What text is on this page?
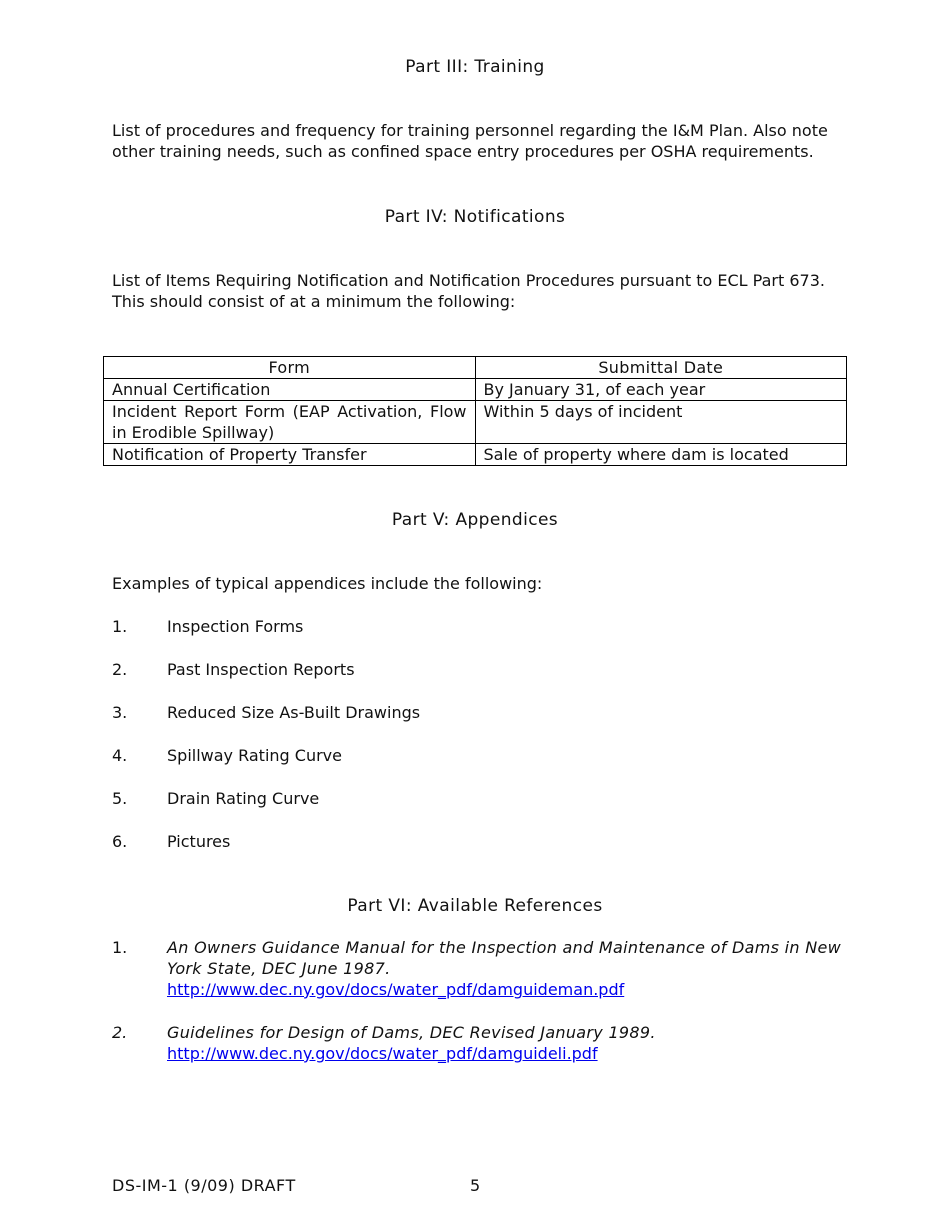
Part III: Training

List of procedures and frequency for training personnel regarding the I&M Plan. Also note other training needs, such as confined space entry procedures per OSHA requirements.

Part IV: Notifications

List of Items Requiring Notification and Notification Procedures pursuant to ECL Part 673. This should consist of at a minimum the following:

Form	Submittal Date
Annual Certification	By January 31, of each year
Incident Report Form (EAP Activation, Flow in Erodible Spillway)	Within 5 days of incident
Notification of Property Transfer	Sale of property where dam is located
Part V: Appendices

Examples of typical appendices include the following:

1. Inspection Forms
2. Past Inspection Reports
3. Reduced Size As-Built Drawings
4. Spillway Rating Curve
5. Drain Rating Curve
6. Pictures
Part VI: Available References
1. An Owners Guidance Manual for the Inspection and Maintenance of Dams in New York State, DEC June 1987.
http://www.dec.ny.gov/docs/water_pdf/damguideman.pdf
2. Guidelines for Design of Dams, DEC Revised January 1989.
http://www.dec.ny.gov/docs/water_pdf/damguideli.pdf
DS-IM-1 (9/09) DRAFT	5
